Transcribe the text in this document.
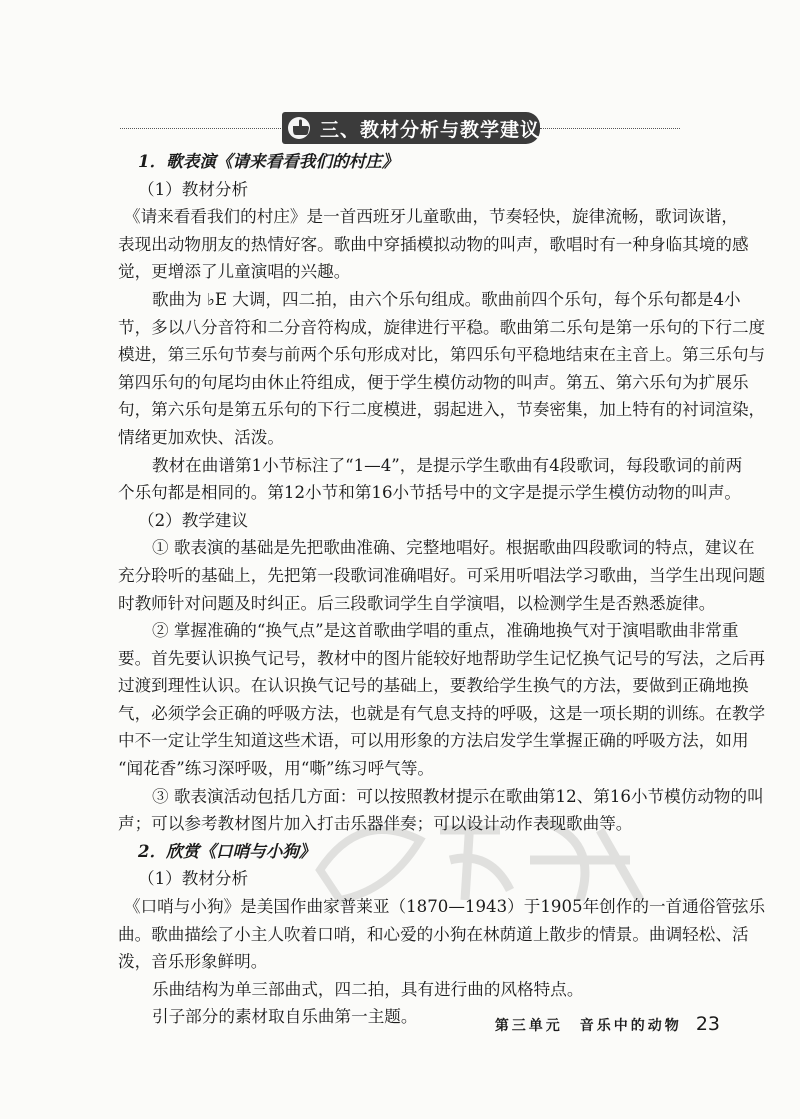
三、教材分析与教学建议
1．歌表演《请来看看我们的村庄》
（1）教材分析
《请来看看我们的村庄》是一首西班牙儿童歌曲，节奏轻快，旋律流畅，歌词诙谐，
表现出动物朋友的热情好客。歌曲中穿插模拟动物的叫声，歌唱时有一种身临其境的感
觉，更增添了儿童演唱的兴趣。
歌曲为 ♭E 大调，四二拍，由六个乐句组成。歌曲前四个乐句，每个乐句都是4小
节，多以八分音符和二分音符构成，旋律进行平稳。歌曲第二乐句是第一乐句的下行二度
模进，第三乐句节奏与前两个乐句形成对比，第四乐句平稳地结束在主音上。第三乐句与
第四乐句的句尾均由休止符组成，便于学生模仿动物的叫声。第五、第六乐句为扩展乐
句，第六乐句是第五乐句的下行二度模进，弱起进入，节奏密集，加上特有的衬词渲染，
情绪更加欢快、活泼。
教材在曲谱第1小节标注了“1—4”，是提示学生歌曲有4段歌词，每段歌词的前两
个乐句都是相同的。第12小节和第16小节括号中的文字是提示学生模仿动物的叫声。
（2）教学建议
① 歌表演的基础是先把歌曲准确、完整地唱好。根据歌曲四段歌词的特点，建议在
充分聆听的基础上，先把第一段歌词准确唱好。可采用听唱法学习歌曲，当学生出现问题
时教师针对问题及时纠正。后三段歌词学生自学演唱，以检测学生是否熟悉旋律。
② 掌握准确的“换气点”是这首歌曲学唱的重点，准确地换气对于演唱歌曲非常重
要。首先要认识换气记号，教材中的图片能较好地帮助学生记忆换气记号的写法，之后再
过渡到理性认识。在认识换气记号的基础上，要教给学生换气的方法，要做到正确地换
气，必须学会正确的呼吸方法，也就是有气息支持的呼吸，这是一项长期的训练。在教学
中不一定让学生知道这些术语，可以用形象的方法启发学生掌握正确的呼吸方法，如用
“闻花香”练习深呼吸，用“嘶”练习呼气等。
③ 歌表演活动包括几方面：可以按照教材提示在歌曲第12、第16小节模仿动物的叫
声；可以参考教材图片加入打击乐器伴奏；可以设计动作表现歌曲等。
2．欣赏《口哨与小狗》
（1）教材分析
《口哨与小狗》是美国作曲家普莱亚（1870—1943）于1905年创作的一首通俗管弦乐
曲。歌曲描绘了小主人吹着口哨，和心爱的小狗在林荫道上散步的情景。曲调轻松、活
泼，音乐形象鲜明。
乐曲结构为单三部曲式，四二拍，具有进行曲的风格特点。
引子部分的素材取自乐曲第一主题。	第三单元　音乐中的动物 23
